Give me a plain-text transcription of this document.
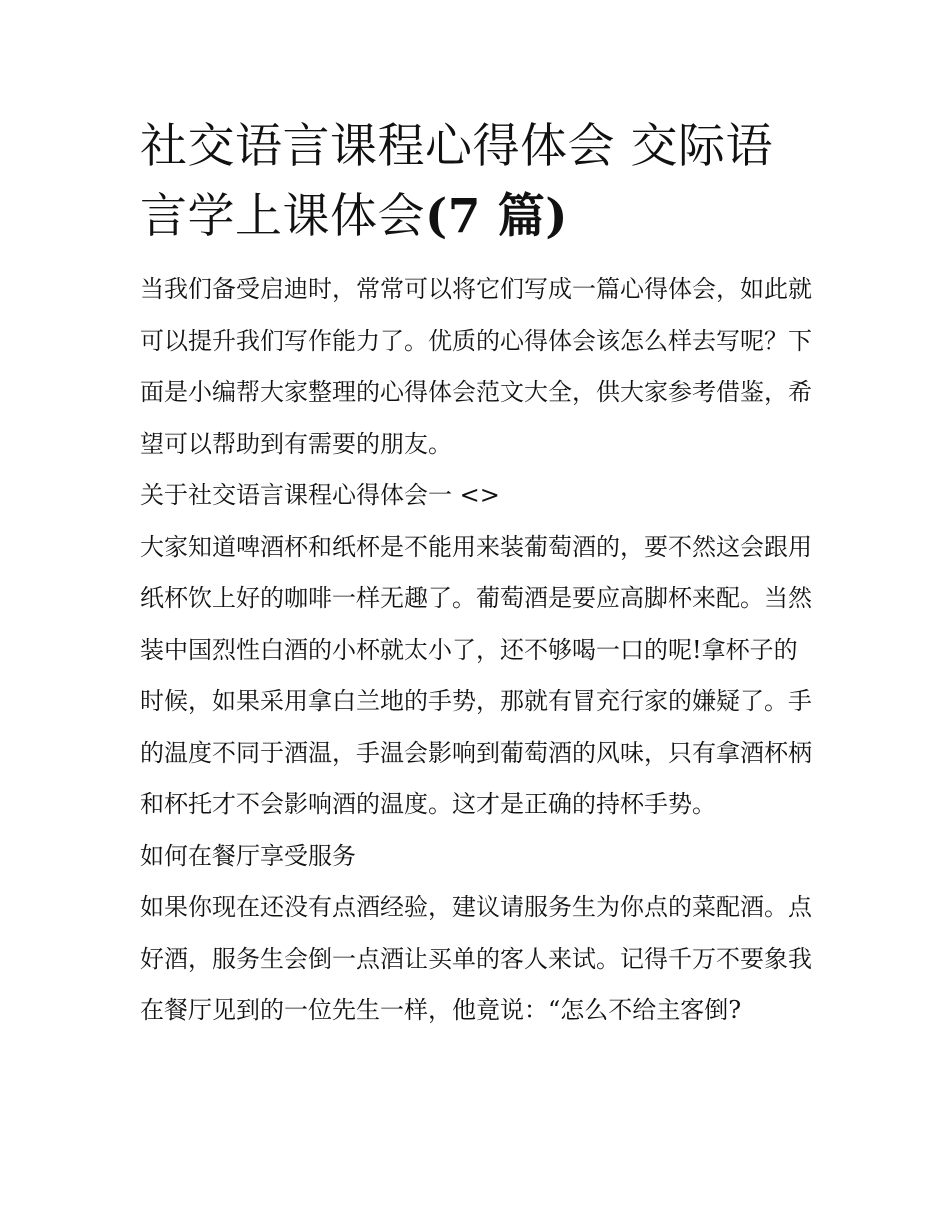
社交语言课程心得体会 交际语
言学上课体会(7 篇)

当我们备受启迪时，常常可以将它们写成一篇心得体会，如此就可以提升我们写作能力了。优质的心得体会该怎么样去写呢？下面是小编帮大家整理的心得体会范文大全，供大家参考借鉴，希望可以帮助到有需要的朋友。

关于社交语言课程心得体会一 <>

大家知道啤酒杯和纸杯是不能用来装葡萄酒的，要不然这会跟用纸杯饮上好的咖啡一样无趣了。葡萄酒是要应高脚杯来配。当然装中国烈性白酒的小杯就太小了，还不够喝一口的呢!拿杯子的时候，如果采用拿白兰地的手势，那就有冒充行家的嫌疑了。手的温度不同于酒温，手温会影响到葡萄酒的风味，只有拿酒杯柄和杯托才不会影响酒的温度。这才是正确的持杯手势。

如何在餐厅享受服务

如果你现在还没有点酒经验，建议请服务生为你点的菜配酒。点好酒，服务生会倒一点酒让买单的客人来试。记得千万不要象我在餐厅见到的一位先生一样，他竟说：“怎么不给主客倒?
